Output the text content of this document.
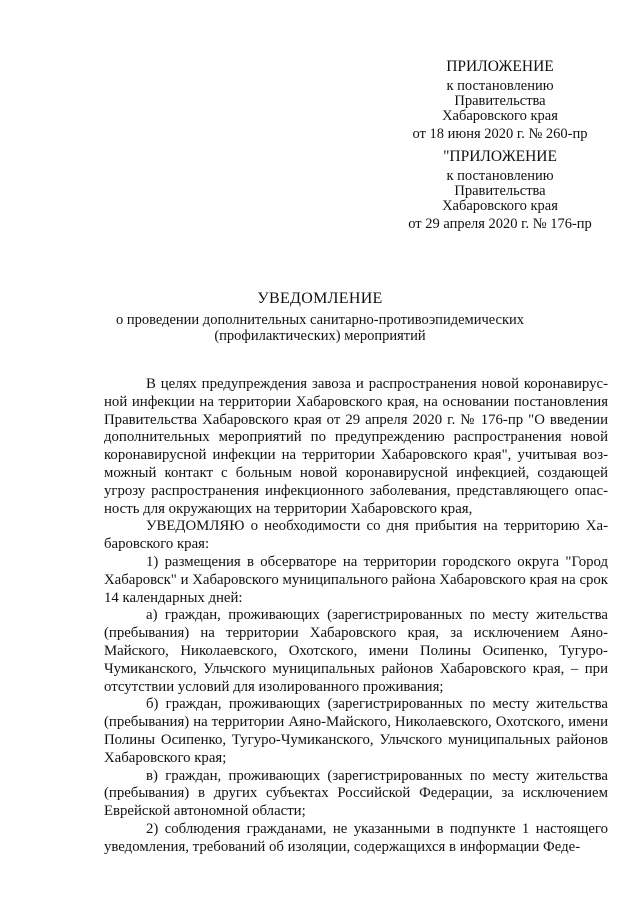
ПРИЛОЖЕНИЕ
к постановлению
Правительства
Хабаровского края
от 18 июня 2020 г. № 260-пр
"ПРИЛОЖЕНИЕ
к постановлению
Правительства
Хабаровского края
от 29 апреля 2020 г. № 176-пр
УВЕДОМЛЕНИЕ
о проведении дополнительных санитарно-противоэпидемических
(профилактических) мероприятий

В целях предупреждения завоза и распространения новой коронавирусной инфекции на территории Хабаровского края, на основании постановления Правительства Хабаровского края от 29 апреля 2020 г. № 176-пр "О введении дополнительных мероприятий по предупреждению распространения новой коронавирусной инфекции на территории Хабаровского края", учитывая возможный контакт с больным новой коронавирусной инфекцией, создающей угрозу распространения инфекционного заболевания, представляющего опасность для окружающих на территории Хабаровского края,

УВЕДОМЛЯЮ о необходимости со дня прибытия на территорию Хабаровского края:

1) размещения в обсерваторе на территории городского округа "Город Хабаровск" и Хабаровского муниципального района Хабаровского края на срок 14 календарных дней:

а) граждан, проживающих (зарегистрированных по месту жительства (пребывания) на территории Хабаровского края, за исключением Аяно-Майского, Николаевского, Охотского, имени Полины Осипенко, Тугуро-Чумиканского, Ульчского муниципальных районов Хабаровского края, – при отсутствии условий для изолированного проживания;

б) граждан, проживающих (зарегистрированных по месту жительства (пребывания) на территории Аяно-Майского, Николаевского, Охотского, имени Полины Осипенко, Тугуро-Чумиканского, Ульчского муниципальных районов Хабаровского края;

в) граждан, проживающих (зарегистрированных по месту жительства (пребывания) в других субъектах Российской Федерации, за исключением Еврейской автономной области;

2) соблюдения гражданами, не указанными в подпункте 1 настоящего уведомления, требований об изоляции, содержащихся в информации Феде-
